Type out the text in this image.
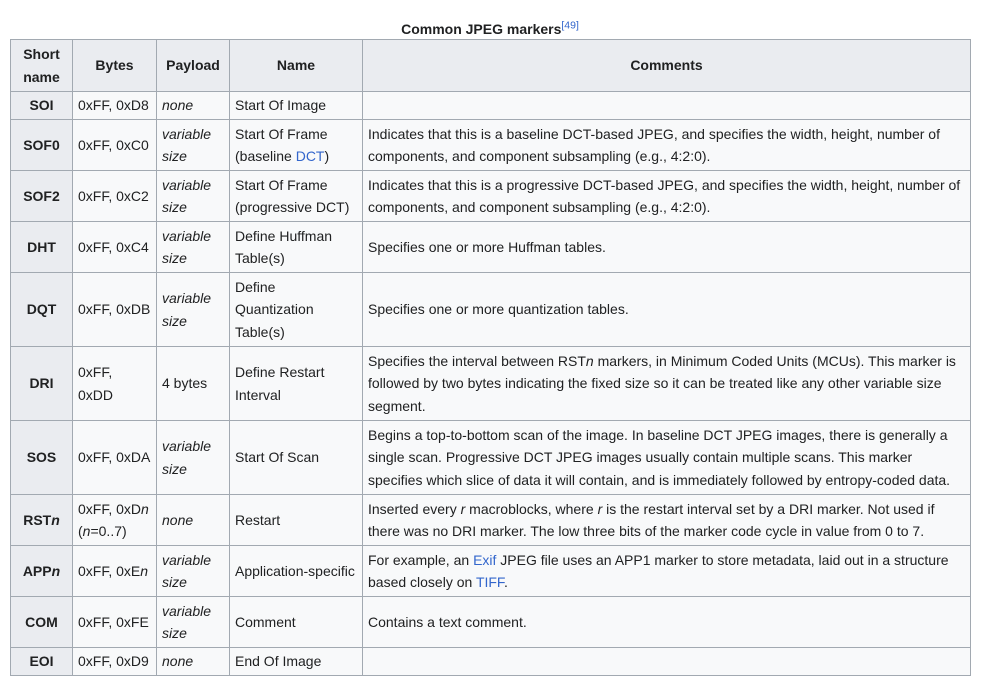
Common JPEG markers[49]
Short name	Bytes	Payload	Name	Comments
SOI	0xFF, 0xD8	none	Start Of Image	
SOF0	0xFF, 0xC0	variable size	Start Of Frame (baseline DCT)	Indicates that this is a baseline DCT-based JPEG, and specifies the width, height, number of components, and component subsampling (e.g., 4:2:0).
SOF2	0xFF, 0xC2	variable size	Start Of Frame (progressive DCT)	Indicates that this is a progressive DCT-based JPEG, and specifies the width, height, number of components, and component subsampling (e.g., 4:2:0).
DHT	0xFF, 0xC4	variable size	Define Huffman Table(s)	Specifies one or more Huffman tables.
DQT	0xFF, 0xDB	variable size	Define Quantization Table(s)	Specifies one or more quantization tables.
DRI	0xFF, 0xDD	4 bytes	Define Restart Interval	Specifies the interval between RSTn markers, in Minimum Coded Units (MCUs). This marker is followed by two bytes indicating the fixed size so it can be treated like any other variable size segment.
SOS	0xFF, 0xDA	variable size	Start Of Scan	Begins a top-to-bottom scan of the image. In baseline DCT JPEG images, there is generally a single scan. Progressive DCT JPEG images usually contain multiple scans. This marker specifies which slice of data it will contain, and is immediately followed by entropy-coded data.
RSTn	0xFF, 0xDn (n=0..7)	none	Restart	Inserted every r macroblocks, where r is the restart interval set by a DRI marker. Not used if there was no DRI marker. The low three bits of the marker code cycle in value from 0 to 7.
APPn	0xFF, 0xEn	variable size	Application-specific	For example, an Exif JPEG file uses an APP1 marker to store metadata, laid out in a structure based closely on TIFF.
COM	0xFF, 0xFE	variable size	Comment	Contains a text comment.
EOI	0xFF, 0xD9	none	End Of Image	
